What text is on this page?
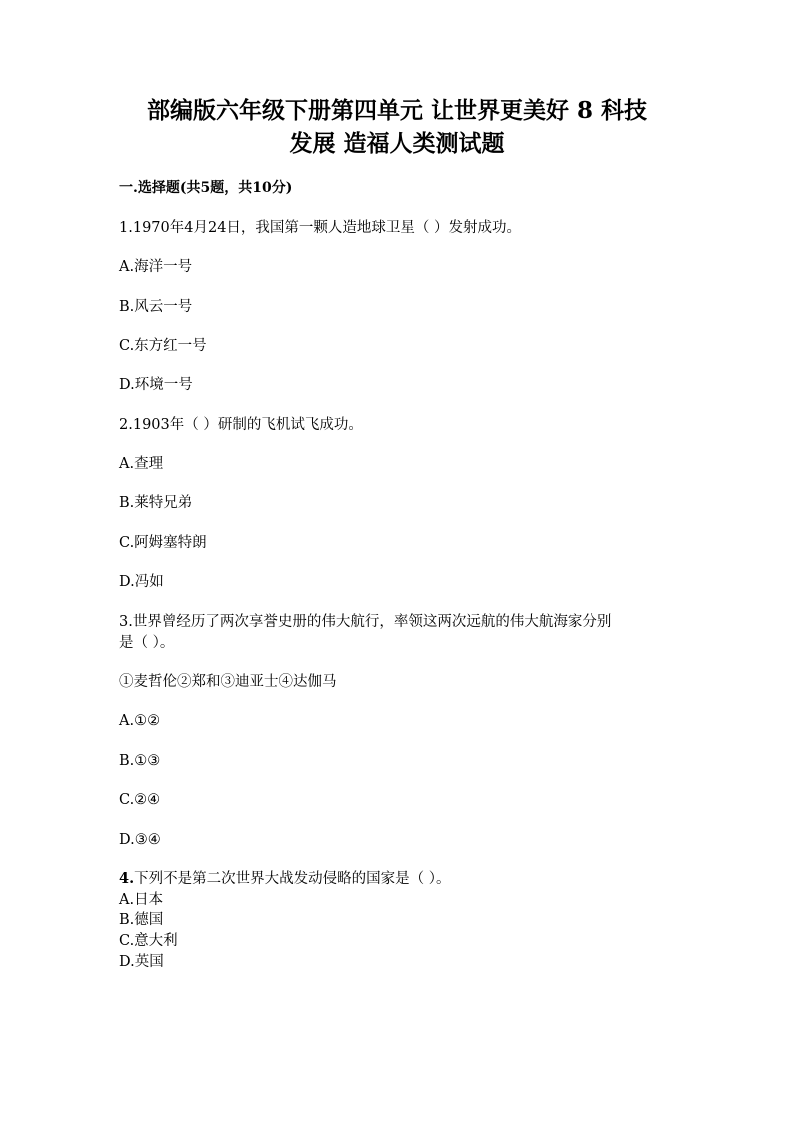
部编版六年级下册第四单元 让世界更美好 8 科技
发展 造福人类测试题

一.选择题(共5题，共10分)

1.1970年4月24日，我国第一颗人造地球卫星（ ）发射成功。

A.海洋一号

B.风云一号

C.东方红一号

D.环境一号

2.1903年（ ）研制的飞机试飞成功。

A.查理

B.莱特兄弟

C.阿姆塞特朗

D.冯如

3.世界曾经历了两次享誉史册的伟大航行，率领这两次远航的伟大航海家分别

是（ ）。

①麦哲伦②郑和③迪亚士④达伽马

A.①②

B.①③

C.②④

D.③④

4.下列不是第二次世界大战发动侵略的国家是（ ）。

A.日本

B.德国

C.意大利

D.英国
